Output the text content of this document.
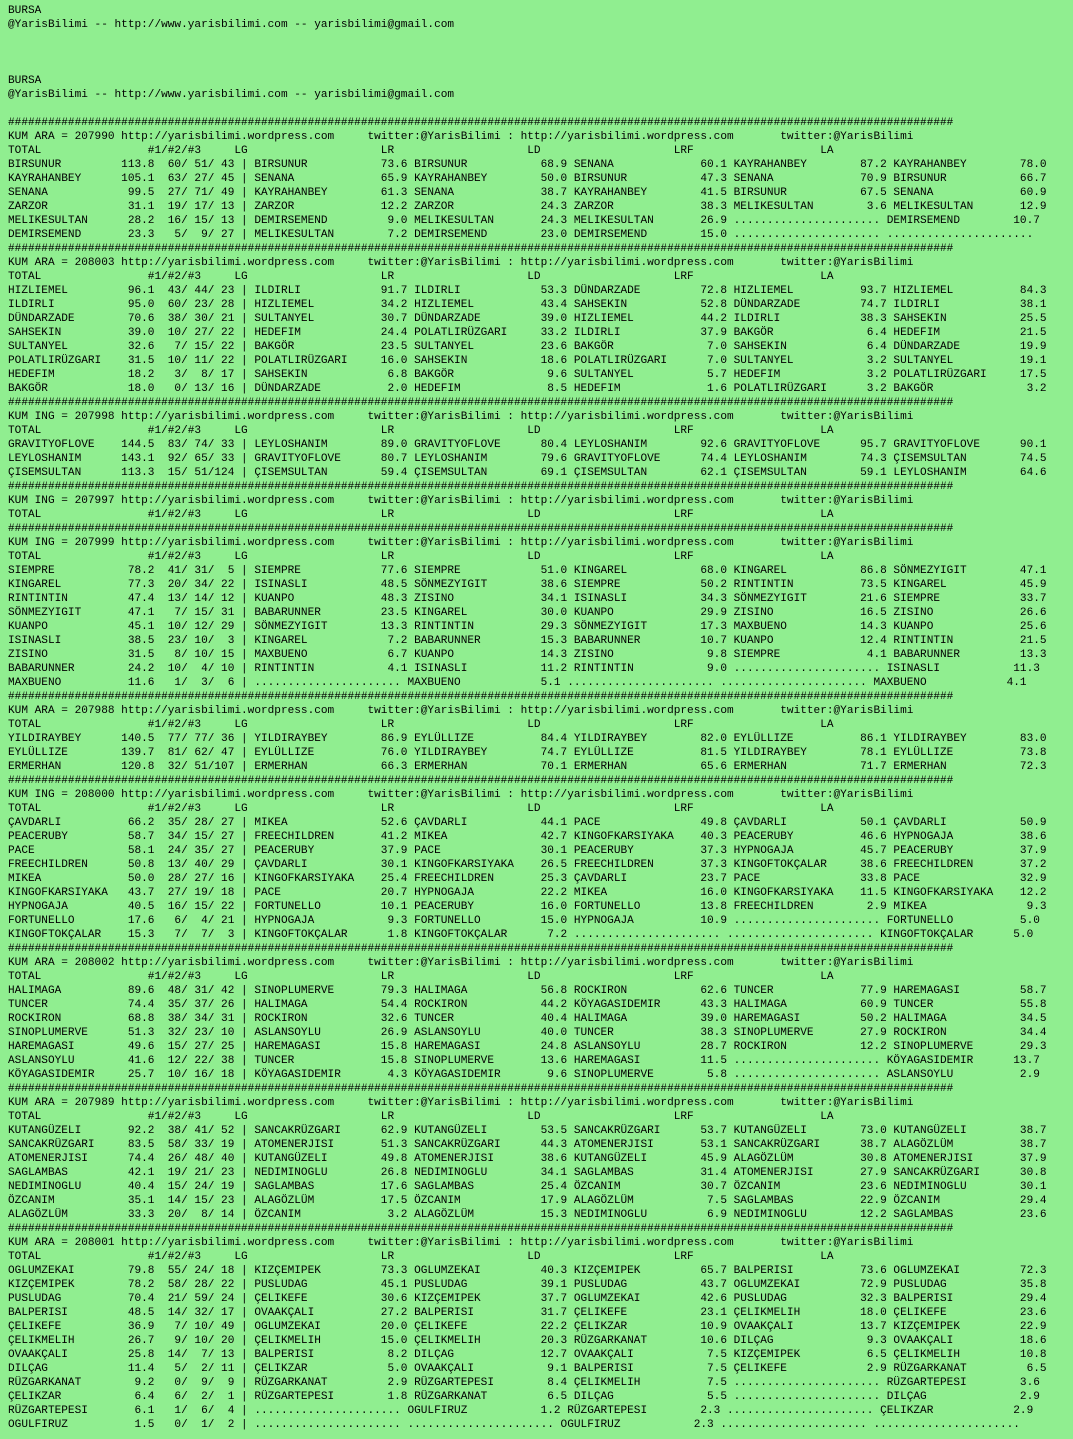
BURSA
@YarisBilimi -- http://www.yarisbilimi.com -- yarisbilimi@gmail.com
BURSA
@YarisBilimi -- http://www.yarisbilimi.com -- yarisbilimi@gmail.com
##############################################################################################################################################
KUM ARA = 207990 http://yarisbilimi.wordpress.com     twitter:@YarisBilimi : http://yarisbilimi.wordpress.com       twitter:@YarisBilimi
TOTAL                #1/#2/#3     LG                    LR                    LD                    LRF                   LA
BIRSUNUR         113.8  60/ 51/ 43 | BIRSUNUR           73.6 BIRSUNUR           68.9 SENANA             60.1 KAYRAHANBEY        87.2 KAYRAHANBEY        78.0
KAYRAHANBEY      105.1  63/ 27/ 45 | SENANA             65.9 KAYRAHANBEY        50.0 BIRSUNUR           47.3 SENANA             70.9 BIRSUNUR           66.7
SENANA            99.5  27/ 71/ 49 | KAYRAHANBEY        61.3 SENANA             38.7 KAYRAHANBEY        41.5 BIRSUNUR           67.5 SENANA             60.9
ZARZOR            31.1  19/ 17/ 13 | ZARZOR             12.2 ZARZOR             24.3 ZARZOR             38.3 MELIKESULTAN        3.6 MELIKESULTAN       12.9
MELIKESULTAN      28.2  16/ 15/ 13 | DEMIRSEMEND         9.0 MELIKESULTAN       24.3 MELIKESULTAN       26.9 ...................... DEMIRSEMEND        10.7
DEMIRSEMEND       23.3   5/  9/ 27 | MELIKESULTAN        7.2 DEMIRSEMEND        23.0 DEMIRSEMEND        15.0 ...................... ......................
##############################################################################################################################################
KUM ARA = 208003 http://yarisbilimi.wordpress.com     twitter:@YarisBilimi : http://yarisbilimi.wordpress.com       twitter:@YarisBilimi
TOTAL                #1/#2/#3     LG                    LR                    LD                    LRF                   LA
HIZLIEMEL         96.1  43/ 44/ 23 | ILDIRLI            91.7 ILDIRLI            53.3 DÜNDARZADE         72.8 HIZLIEMEL          93.7 HIZLIEMEL          84.3
ILDIRLI           95.0  60/ 23/ 28 | HIZLIEMEL          34.2 HIZLIEMEL          43.4 SAHSEKIN           52.8 DÜNDARZADE         74.7 ILDIRLI            38.1
DÜNDARZADE        70.6  38/ 30/ 21 | SULTANYEL          30.7 DÜNDARZADE         39.0 HIZLIEMEL          44.2 ILDIRLI            38.3 SAHSEKIN           25.5
SAHSEKIN          39.0  10/ 27/ 22 | HEDEFIM            24.4 POLATLIRÜZGARI     33.2 ILDIRLI            37.9 BAKGÖR              6.4 HEDEFIM            21.5
SULTANYEL         32.6   7/ 15/ 22 | BAKGÖR             23.5 SULTANYEL          23.6 BAKGÖR              7.0 SAHSEKIN            6.4 DÜNDARZADE         19.9
POLATLIRÜZGARI    31.5  10/ 11/ 22 | POLATLIRÜZGARI     16.0 SAHSEKIN           18.6 POLATLIRÜZGARI      7.0 SULTANYEL           3.2 SULTANYEL          19.1
HEDEFIM           18.2   3/  8/ 17 | SAHSEKIN            6.8 BAKGÖR              9.6 SULTANYEL           5.7 HEDEFIM             3.2 POLATLIRÜZGARI     17.5
BAKGÖR            18.0   0/ 13/ 16 | DÜNDARZADE          2.0 HEDEFIM             8.5 HEDEFIM             1.6 POLATLIRÜZGARI      3.2 BAKGÖR              3.2
##############################################################################################################################################
KUM ING = 207998 http://yarisbilimi.wordpress.com     twitter:@YarisBilimi : http://yarisbilimi.wordpress.com       twitter:@YarisBilimi
TOTAL                #1/#2/#3     LG                    LR                    LD                    LRF                   LA
GRAVITYOFLOVE    144.5  83/ 74/ 33 | LEYLOSHANIM        89.0 GRAVITYOFLOVE      80.4 LEYLOSHANIM        92.6 GRAVITYOFLOVE      95.7 GRAVITYOFLOVE      90.1
LEYLOSHANIM      143.1  92/ 65/ 33 | GRAVITYOFLOVE      80.7 LEYLOSHANIM        79.6 GRAVITYOFLOVE      74.4 LEYLOSHANIM        74.3 ÇISEMSULTAN        74.5
ÇISEMSULTAN      113.3  15/ 51/124 | ÇISEMSULTAN        59.4 ÇISEMSULTAN        69.1 ÇISEMSULTAN        62.1 ÇISEMSULTAN        59.1 LEYLOSHANIM        64.6
##############################################################################################################################################
KUM ING = 207997 http://yarisbilimi.wordpress.com     twitter:@YarisBilimi : http://yarisbilimi.wordpress.com       twitter:@YarisBilimi
TOTAL                #1/#2/#3     LG                    LR                    LD                    LRF                   LA
##############################################################################################################################################
KUM ING = 207999 http://yarisbilimi.wordpress.com     twitter:@YarisBilimi : http://yarisbilimi.wordpress.com       twitter:@YarisBilimi
TOTAL                #1/#2/#3     LG                    LR                    LD                    LRF                   LA
SIEMPRE           78.2  41/ 31/  5 | SIEMPRE            77.6 SIEMPRE            51.0 KINGAREL           68.0 KINGAREL           86.8 SÖNMEZYIGIT        47.1
KINGAREL          77.3  20/ 34/ 22 | ISINASLI           48.5 SÖNMEZYIGIT        38.6 SIEMPRE            50.2 RINTINTIN          73.5 KINGAREL           45.9
RINTINTIN         47.4  13/ 14/ 12 | KUANPO             48.3 ZISINO             34.1 ISINASLI           34.3 SÖNMEZYIGIT        21.6 SIEMPRE            33.7
SÖNMEZYIGIT       47.1   7/ 15/ 31 | BABARUNNER         23.5 KINGAREL           30.0 KUANPO             29.9 ZISINO             16.5 ZISINO             26.6
KUANPO            45.1  10/ 12/ 29 | SÖNMEZYIGIT        13.3 RINTINTIN          29.3 SÖNMEZYIGIT        17.3 MAXBUENO           14.3 KUANPO             25.6
ISINASLI          38.5  23/ 10/  3 | KINGAREL            7.2 BABARUNNER         15.3 BABARUNNER         10.7 KUANPO             12.4 RINTINTIN          21.5
ZISINO            31.5   8/ 10/ 15 | MAXBUENO            6.7 KUANPO             14.3 ZISINO              9.8 SIEMPRE             4.1 BABARUNNER         13.3
BABARUNNER        24.2  10/  4/ 10 | RINTINTIN           4.1 ISINASLI           11.2 RINTINTIN           9.0 ...................... ISINASLI           11.3
MAXBUENO          11.6   1/  3/  6 | ...................... MAXBUENO            5.1 ...................... ...................... MAXBUENO            4.1
##############################################################################################################################################
KUM ARA = 207988 http://yarisbilimi.wordpress.com     twitter:@YarisBilimi : http://yarisbilimi.wordpress.com       twitter:@YarisBilimi
TOTAL                #1/#2/#3     LG                    LR                    LD                    LRF                   LA
YILDIRAYBEY      140.5  77/ 77/ 36 | YILDIRAYBEY        86.9 EYLÜLLIZE          84.4 YILDIRAYBEY        82.0 EYLÜLLIZE          86.1 YILDIRAYBEY        83.0
EYLÜLLIZE        139.7  81/ 62/ 47 | EYLÜLLIZE          76.0 YILDIRAYBEY        74.7 EYLÜLLIZE          81.5 YILDIRAYBEY        78.1 EYLÜLLIZE          73.8
ERMERHAN         120.8  32/ 51/107 | ERMERHAN           66.3 ERMERHAN           70.1 ERMERHAN           65.6 ERMERHAN           71.7 ERMERHAN           72.3
##############################################################################################################################################
KUM ING = 208000 http://yarisbilimi.wordpress.com     twitter:@YarisBilimi : http://yarisbilimi.wordpress.com       twitter:@YarisBilimi
TOTAL                #1/#2/#3     LG                    LR                    LD                    LRF                   LA
ÇAVDARLI          66.2  35/ 28/ 27 | MIKEA              52.6 ÇAVDARLI           44.1 PACE               49.8 ÇAVDARLI           50.1 ÇAVDARLI           50.9
PEACERUBY         58.7  34/ 15/ 27 | FREECHILDREN       41.2 MIKEA              42.7 KINGOFKARSIYAKA    40.3 PEACERUBY          46.6 HYPNOGAJA          38.6
PACE              58.1  24/ 35/ 27 | PEACERUBY          37.9 PACE               30.1 PEACERUBY          37.3 HYPNOGAJA          45.7 PEACERUBY          37.9
FREECHILDREN      50.8  13/ 40/ 29 | ÇAVDARLI           30.1 KINGOFKARSIYAKA    26.5 FREECHILDREN       37.3 KINGOFTOKÇALAR     38.6 FREECHILDREN       37.2
MIKEA             50.0  28/ 27/ 16 | KINGOFKARSIYAKA    25.4 FREECHILDREN       25.3 ÇAVDARLI           23.7 PACE               33.8 PACE               32.9
KINGOFKARSIYAKA   43.7  27/ 19/ 18 | PACE               20.7 HYPNOGAJA          22.2 MIKEA              16.0 KINGOFKARSIYAKA    11.5 KINGOFKARSIYAKA    12.2
HYPNOGAJA         40.5  16/ 15/ 22 | FORTUNELLO         10.1 PEACERUBY          16.0 FORTUNELLO         13.8 FREECHILDREN        2.9 MIKEA               9.3
FORTUNELLO        17.6   6/  4/ 21 | HYPNOGAJA           9.3 FORTUNELLO         15.0 HYPNOGAJA          10.9 ...................... FORTUNELLO          5.0
KINGOFTOKÇALAR    15.3   7/  7/  3 | KINGOFTOKÇALAR      1.8 KINGOFTOKÇALAR      7.2 ...................... ...................... KINGOFTOKÇALAR      5.0
##############################################################################################################################################
KUM ARA = 208002 http://yarisbilimi.wordpress.com     twitter:@YarisBilimi : http://yarisbilimi.wordpress.com       twitter:@YarisBilimi
TOTAL                #1/#2/#3     LG                    LR                    LD                    LRF                   LA
HALIMAGA          89.6  48/ 31/ 42 | SINOPLUMERVE       79.3 HALIMAGA           56.8 ROCKIRON           62.6 TUNCER             77.9 HAREMAGASI         58.7
TUNCER            74.4  35/ 37/ 26 | HALIMAGA           54.4 ROCKIRON           44.2 KÖYAGASIDEMIR      43.3 HALIMAGA           60.9 TUNCER             55.8
ROCKIRON          68.8  38/ 34/ 31 | ROCKIRON           32.6 TUNCER             40.4 HALIMAGA           39.0 HAREMAGASI         50.2 HALIMAGA           34.5
SINOPLUMERVE      51.3  32/ 23/ 10 | ASLANSOYLU         26.9 ASLANSOYLU         40.0 TUNCER             38.3 SINOPLUMERVE       27.9 ROCKIRON           34.4
HAREMAGASI        49.6  15/ 27/ 25 | HAREMAGASI         15.8 HAREMAGASI         24.8 ASLANSOYLU         28.7 ROCKIRON           12.2 SINOPLUMERVE       29.3
ASLANSOYLU        41.6  12/ 22/ 38 | TUNCER             15.8 SINOPLUMERVE       13.6 HAREMAGASI         11.5 ...................... KÖYAGASIDEMIR      13.7
KÖYAGASIDEMIR     25.7  10/ 16/ 18 | KÖYAGASIDEMIR       4.3 KÖYAGASIDEMIR       9.6 SINOPLUMERVE        5.8 ...................... ASLANSOYLU          2.9
##############################################################################################################################################
KUM ARA = 207989 http://yarisbilimi.wordpress.com     twitter:@YarisBilimi : http://yarisbilimi.wordpress.com       twitter:@YarisBilimi
TOTAL                #1/#2/#3     LG                    LR                    LD                    LRF                   LA
KUTANGÜZELI       92.2  38/ 41/ 52 | SANCAKRÜZGARI      62.9 KUTANGÜZELI        53.5 SANCAKRÜZGARI      53.7 KUTANGÜZELI        73.0 KUTANGÜZELI        38.7
SANCAKRÜZGARI     83.5  58/ 33/ 19 | ATOMENERJISI       51.3 SANCAKRÜZGARI      44.3 ATOMENERJISI       53.1 SANCAKRÜZGARI      38.7 ALAGÖZLÜM          38.7
ATOMENERJISI      74.4  26/ 48/ 40 | KUTANGÜZELI        49.8 ATOMENERJISI       38.6 KUTANGÜZELI        45.9 ALAGÖZLÜM          30.8 ATOMENERJISI       37.9
SAGLAMBAS         42.1  19/ 21/ 23 | NEDIMINOGLU        26.8 NEDIMINOGLU        34.1 SAGLAMBAS          31.4 ATOMENERJISI       27.9 SANCAKRÜZGARI      30.8
NEDIMINOGLU       40.4  15/ 24/ 19 | SAGLAMBAS          17.6 SAGLAMBAS          25.4 ÖZCANIM            30.7 ÖZCANIM            23.6 NEDIMINOGLU        30.1
ÖZCANIM           35.1  14/ 15/ 23 | ALAGÖZLÜM          17.5 ÖZCANIM            17.9 ALAGÖZLÜM           7.5 SAGLAMBAS          22.9 ÖZCANIM            29.4
ALAGÖZLÜM         33.3  20/  8/ 14 | ÖZCANIM             3.2 ALAGÖZLÜM          15.3 NEDIMINOGLU         6.9 NEDIMINOGLU        12.2 SAGLAMBAS          23.6
##############################################################################################################################################
KUM ARA = 208001 http://yarisbilimi.wordpress.com     twitter:@YarisBilimi : http://yarisbilimi.wordpress.com       twitter:@YarisBilimi
TOTAL                #1/#2/#3     LG                    LR                    LD                    LRF                   LA
OGLUMZEKAI        79.8  55/ 24/ 18 | KIZÇEMIPEK         73.3 OGLUMZEKAI         40.3 KIZÇEMIPEK         65.7 BALPERISI          73.6 OGLUMZEKAI         72.3
KIZÇEMIPEK        78.2  58/ 28/ 22 | PUSLUDAG           45.1 PUSLUDAG           39.1 PUSLUDAG           43.7 OGLUMZEKAI         72.9 PUSLUDAG           35.8
PUSLUDAG          70.4  21/ 59/ 24 | ÇELIKEFE           30.6 KIZÇEMIPEK         37.7 OGLUMZEKAI         42.6 PUSLUDAG           32.3 BALPERISI          29.4
BALPERISI         48.5  14/ 32/ 17 | OVAAKÇALI          27.2 BALPERISI          31.7 ÇELIKEFE           23.1 ÇELIKMELIH         18.0 ÇELIKEFE           23.6
ÇELIKEFE          36.9   7/ 10/ 49 | OGLUMZEKAI         20.0 ÇELIKEFE           22.2 ÇELIKZAR           10.9 OVAAKÇALI          13.7 KIZÇEMIPEK         22.9
ÇELIKMELIH        26.7   9/ 10/ 20 | ÇELIKMELIH         15.0 ÇELIKMELIH         20.3 RÜZGARKANAT        10.6 DILÇAG              9.3 OVAAKÇALI          18.6
OVAAKÇALI         25.8  14/  7/ 13 | BALPERISI           8.2 DILÇAG             12.7 OVAAKÇALI           7.5 KIZÇEMIPEK          6.5 ÇELIKMELIH         10.8
DILÇAG            11.4   5/  2/ 11 | ÇELIKZAR            5.0 OVAAKÇALI           9.1 BALPERISI           7.5 ÇELIKEFE            2.9 RÜZGARKANAT         6.5
RÜZGARKANAT        9.2   0/  9/  9 | RÜZGARKANAT         2.9 RÜZGARTEPESI        8.4 ÇELIKMELIH          7.5 ...................... RÜZGARTEPESI        3.6
ÇELIKZAR           6.4   6/  2/  1 | RÜZGARTEPESI        1.8 RÜZGARKANAT         6.5 DILÇAG              5.5 ...................... DILÇAG              2.9
RÜZGARTEPESI       6.1   1/  6/  4 | ...................... OGULFIRUZ           1.2 RÜZGARTEPESI        2.3 ...................... ÇELIKZAR            2.9
OGULFIRUZ          1.5   0/  1/  2 | ...................... ...................... OGULFIRUZ           2.3 ...................... ......................
